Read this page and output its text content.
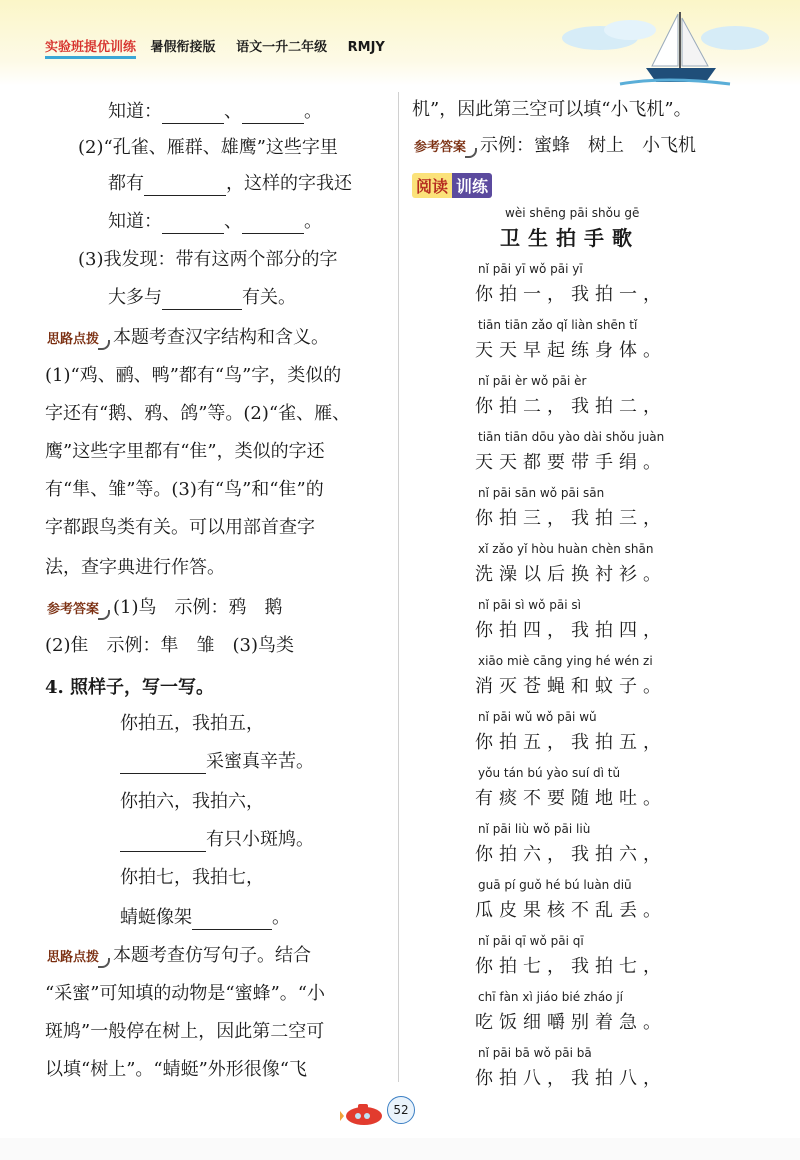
实验班提优训练 暑假衔接版 语文一升二年级 RMJY
知道：	、	。
(2)“孔雀、雁群、雄鹰”这些字里
都有	，这样的字我还
知道：	、	。
(3)我发现：带有这两个部分的字
大多与	有关。
思路点拨 本题考查汉字结构和含义。
(1)“鸡、鹂、鸭”都有“鸟”字，类似的
字还有“鹅、鸦、鸽”等。(2)“雀、雁、
鹰”这些字里都有“隹”，类似的字还
有“隼、雏”等。(3)有“鸟”和“隹”的
字都跟鸟类有关。可以用部首查字
法，查字典进行作答。
参考答案 (1)鸟　示例：鸦　鹅
(2)隹　示例：隼　雏　(3)鸟类
4. 照样子，写一写。
你拍五，我拍五，
采蜜真辛苦。
你拍六，我拍六，
有只小斑鸠。
你拍七，我拍七，
蜻蜓像架	。
思路点拨 本题考查仿写句子。结合
“采蜜”可知填的动物是“蜜蜂”。“小
斑鸠”一般停在树上，因此第二空可
以填“树上”。“蜻蜓”外形很像“飞
机”，因此第三空可以填“小飞机”。
参考答案 示例：蜜蜂　树上　小飞机
阅读 训练
wèi shēng pāi shǒu gē
卫生拍手歌
nǐ pāi yī wǒ pāi yī
你拍一，我拍一，
tiān tiān zǎo qǐ liàn shēn tǐ
天天早起练身体。
nǐ pāi èr wǒ pāi èr
你拍二，我拍二，
tiān tiān dōu yào dài shǒu juàn
天天都要带手绢。
nǐ pāi sān wǒ pāi sān
你拍三，我拍三，
xǐ zǎo yǐ hòu huàn chèn shān
洗澡以后换衬衫。
nǐ pāi sì wǒ pāi sì
你拍四，我拍四，
xiāo miè cāng ying hé wén zi
消灭苍蝇和蚊子。
nǐ pāi wǔ wǒ pāi wǔ
你拍五，我拍五，
yǒu tán bú yào suí dì tǔ
有痰不要随地吐。
nǐ pāi liù wǒ pāi liù
你拍六，我拍六，
guā pí guǒ hé bú luàn diū
瓜皮果核不乱丢。
nǐ pāi qī wǒ pāi qī
你拍七，我拍七，
chī fàn xì jiáo bié zháo jí
吃饭细嚼别着急。
nǐ pāi bā wǒ pāi bā
你拍八，我拍八，
52
